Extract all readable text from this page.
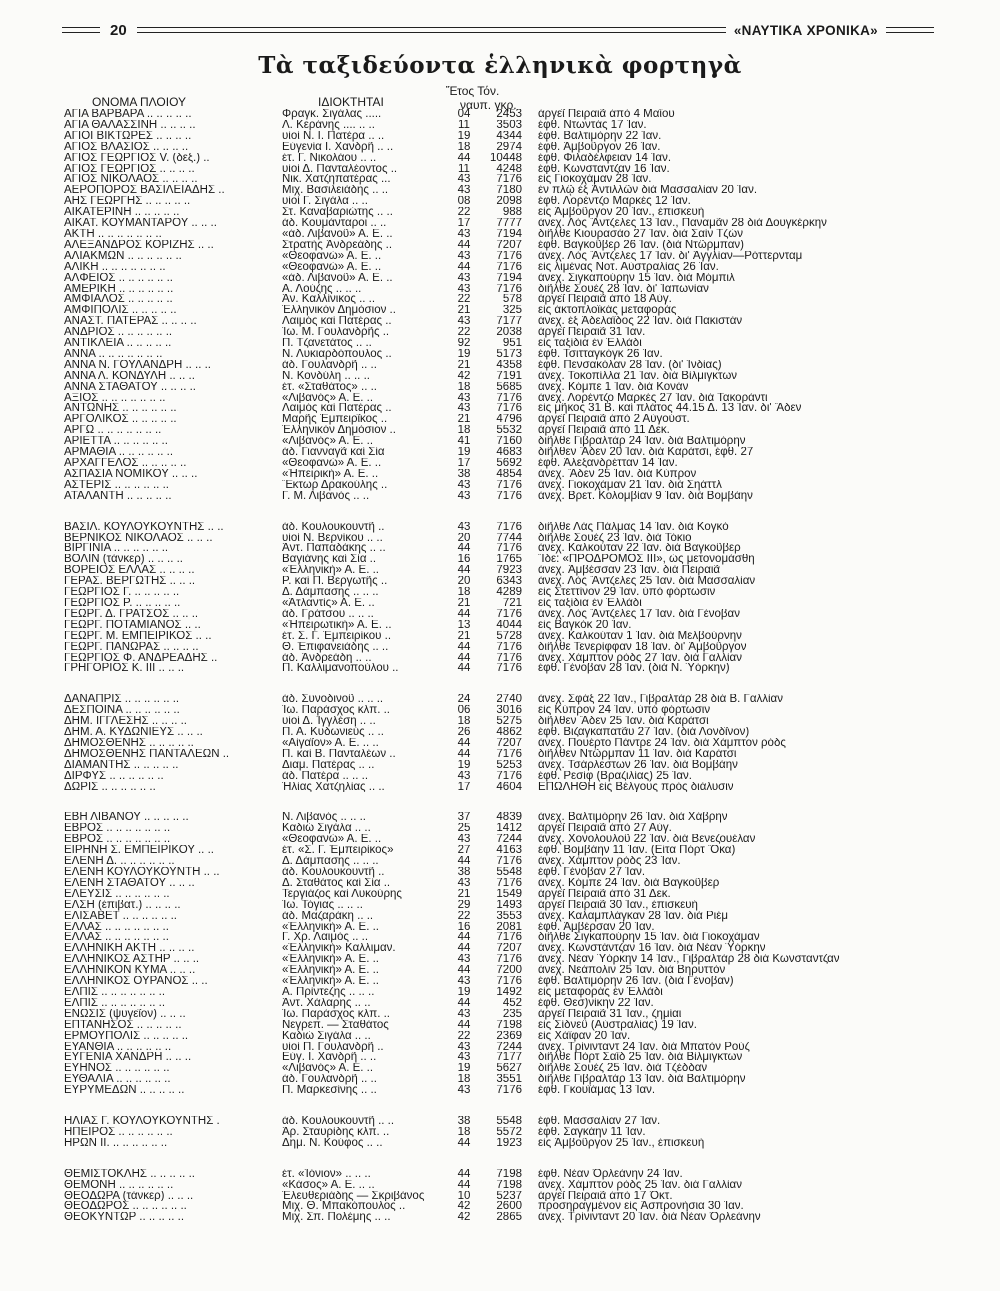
20	«ΝΑΥΤΙΚΑ ΧΡΟΝΙΚΑ»
Τὰ ταξιδεύοντα ἑλληνικὰ φορτηγὰ
ΟΝΟΜΑ ΠΛΟΙΟΥ	ΙΔΙΟΚΤΗΤΑΙ
Ἔτος Τόν.
ναυπ. γκρ.
ΑΓΙΑ ΒΑΡΒΑΡΑ .. .. .. .. ..	Φραγκ. Σιγάλας .....	04	2453	ἀργεῖ Πειραιᾶ ἀπὸ 4 Μαΐου
ΑΓΙΑ ΘΑΛΑΣΣΙΝΗ .. .. .. ..	Λ. Κεράνης .... .. ..	11	3503	ἐφθ. Ντωντὰς 17 Ἰαν.
ΑΓΙΟΙ ΒΙΚΤΩΡΕΣ .. .. .. ..	υἱοὶ Ν. Ι. Πατέρα .. ..	19	4344	ἐφθ. Βαλτιμόρην 22 Ἰαν.
ΑΓΙΟΣ ΒΛΑΣΙΟΣ .. .. .. ..	Εὐγενία Ι. Χανδρῆ .. ..	18	2974	ἐφθ. Ἀμβοῦργον 26 Ἰαν.
ΑΓΙΟΣ ΓΕΩΡΓΙΟΣ V. (δεξ.) ..	ἐτ. Γ. Νικολάου .. ..	44	10448	ἐφθ. Φιλαδέλφειαν 14 Ἰαν.
ΑΓΙΟΣ ΓΕΩΡΓΙΟΣ .. .. .. ..	υἱοὶ Δ. Πανταλέοντος ..	11	4248	ἐφθ. Κωνσταντζαν 16 Ἰαν.
ΑΓΙΟΣ ΝΙΚΟΛΑΟΣ .. .. .. ..	Νικ. Χατζηπατέρας ...	43	7176	εἰς Γιοκοχάμαν 28 Ἰαν.
ΑΕΡΟΠΟΡΟΣ ΒΑΣΙΛΕΙΑΔΗΣ ..	Μιχ. Βασιλειάδης .. ..	43	7180	ἐν πλῷ ἐξ Ἀντιλλῶν διὰ Μασσαλίαν 20 Ἰαν.
ΑΗΣ ΓΕΩΡΓΗΣ .. .. .. .. ..	υἱοὶ Γ. Σιγάλα .. ..	08	2098	ἐφθ. Λορέντζο Μαρκὲς 12 Ἰαν.
ΑΙΚΑΤΕΡΙΝΗ .. .. .. .. ..	Στ. Καναβαριώτης .. ..	22	988	εἰς Ἀμβοῦργον 20 Ἰαν., ἐπισκευὴ
ΑΙΚΑΤ. ΚΟΥΜΑΝΤΑΡΟΥ .. .. ..	ἀδ. Κουμάνταροι .. ..	17	7777	ἀνεχ. Λὸς Ἄντζελες 13 Ἰαν., Παναμᾶν 28 διὰ Δουγκέρκην
ΑΚΤΗ .. .. .. .. .. .. ..	«ἀδ. Λιβανοῦ» Α. Ε. ..	43	7194	διῆλθε Κιουρασάο 27 Ἰαν. διὰ Σαὶν Τζὼν
ΑΛΕΞΑΝΔΡΟΣ ΚΟΡΙΖΗΣ .. ..	Στρατὴς Ἀνδρεάδης ..	44	7207	ἐφθ. Βαγκοῦβερ 26 Ἰαν. (διὰ Ντῶρμπαν)
ΑΛΙΑΚΜΩΝ .. .. .. .. .. ..	«Θεοφανώ» Α. Ε. ..	43	7176	ἀνεχ. Λὸς Ἄντζελες 17 Ἰαν. δι' Ἀγγλίαν—Ρόττερνταμ
ΑΛΙΚΗ .. .. .. .. .. .. ..	«Θεοφανώ» Α. Ε. ..	44	7176	εἰς λιμένας Νοτ. Αὐστραλίας 26 Ἰαν.
ΑΛΦΕΙΟΣ .. .. .. .. .. ..	«ἀδ. Λιβανοῦ» Α. Ε. ..	43	7194	ἀνεχ. Σιγκαπούρην 15 Ἰαν. διὰ Μόμπιλ
ΑΜΕΡΙΚΗ .. .. .. .. .. ..	Α. Λούζης .. .. ..	43	7176	διῆλθε Σουέζ 28 Ἰαν. δι' Ἰαπωνίαν
ΑΜΦΙΑΛΟΣ .. .. .. .. ..	Ἀν. Καλλίνικος .. ..	22	578	ἀργεῖ Πειραιᾶ ἀπὸ 18 Αὐγ.
ΑΜΦΙΠΟΛΙΣ .. .. .. .. ..	Ἑλληνικὸν Δημόσιον ..	21	325	εἰς ἀκτοπλοϊκὰς μεταφορὰς
ΑΝΑΣΤ. ΠΑΤΕΡΑΣ .. .. .. ..	Λαιμὸς καὶ Πατέρας ..	43	7177	ἀνεχ. ἐξ Ἀδελαΐδος 22 Ἰαν. διὰ Πακιστὰν
ΑΝΔΡΙΟΣ .. .. .. .. .. ..	Ἰω. Μ. Γουλανδρῆς ..	22	2038	ἀργεῖ Πειραιᾶ 31 Ἰαν.
ΑΝΤΙΚΛΕΙΑ .. .. .. .. ..	Π. Τζανετάτος .. ..	92	951	εἰς ταξίδια ἐν Ἑλλάδι
ΑΝΝΑ .. .. .. .. .. .. ..	Ν. Λυκιαρδόπουλος ..	19	5173	ἐφθ. Τσιτταγκὸγκ 26 Ἰαν.
ΑΝΝΑ Ν. ΓΟΥΛΑΝΔΡΗ .. .. ..	ἀδ. Γουλανδρῆ .. ..	21	4358	ἐφθ. Πενσακόλαν 28 Ἰαν. (δι' Ἰνδίας)
ΑΝΝΑ Λ. ΚΟΝΔΥΛΗ .. .. ..	Ν. Κονδύλη .. .. ..	42	7191	ἀνεχ. Τοκοπίλλα 21 Ἰαν. διὰ Βίλμιγκτων
ΑΝΝΑ ΣΤΑΘΑΤΟΥ .. .. .. ..	ἐτ. «Σταθάτος» .. ..	18	5685	ἀνεχ. Κόμπε 1 Ἰαν. διὰ Κονάν
ΑΞΙΟΣ .. .. .. .. .. .. ..	«Λιβανός» Α. Ε. ..	43	7176	ἀνεχ. Λορέντζο Μαρκὲς 27 Ἰαν. διὰ Τακοράντι
ΑΝΤΩΝΗΣ .. .. .. .. .. ..	Λαιμὸς καὶ Πατέρας ..	43	7176	εἰς μῆκος 31 Β. καὶ πλάτος 44.15 Δ. 13 Ἰαν. δι' Ἄδεν
ΑΡΓΟΛΙΚΟΣ .. .. .. .. ..	Μαρῆς Ἐμπειρῖκος ..	21	4796	ἀργεῖ Πειραιᾶ ἀπὸ 2 Αὐγούστ.
ΑΡΓΩ .. .. .. .. .. .. ..	Ἑλληνικὸν Δημόσιον ..	18	5532	ἀργεῖ Πειραιᾶ ἀπὸ 11 Δεκ.
ΑΡΙΕΤΤΑ .. .. .. .. .. ..	«Λιβανός» Α. Ε. ..	41	7160	διῆλθε Γιβραλτὰρ 24 Ἰαν. διὰ Βαλτιμόρην
ΑΡΜΑΘΙΑ .. .. .. .. .. ..	ἀδ. Γιανναγᾶ καὶ Σία	19	4683	διῆλθεν Ἄδεν 20 Ἰαν. διὰ Καράτσι, ἐφθ. 27
ΑΡΧΑΓΓΕΛΟΣ .. .. .. .. ..	«Θεοφανώ» Α. Ε. ..	17	5692	ἐφθ. Ἀλεξανδρέτταν 14 Ἰαν.
ΑΣΠΑΣΙΑ ΝΟΜΙΚΟΥ .. .. ..	«Ἠπειρική» Α. Ε. ..	38	4854	ἀνεχ. Ἄδεν 25 Ἰαν. διὰ Κύπρον
ΑΣΤΕΡΙΣ .. .. .. .. .. ..	Ἕκτωρ Δρακούλης ..	43	7176	ἀνεχ. Γιοκοχάμαν 21 Ἰαν. διὰ Σηάττλ
ΑΤΑΛΑΝΤΗ .. .. .. .. ..	Γ. Μ. Λιβανός .. ..	43	7176	ἀνεχ. Βρετ. Κολομβίαν 9 Ἰαν. διὰ Βομβάην

ΒΑΣΙΛ. ΚΟΥΛΟΥΚΟΥΝΤΗΣ .. ..	ἀδ. Κουλουκουντῆ ..	43	7176	διῆλθε Λὰς Πάλμας 14 Ἰαν. διὰ Κογκὸ
ΒΕΡΝΙΚΟΣ ΝΙΚΟΛΑΟΣ .. .. ..	υἱοὶ Ν. Βερνίκου .. ..	20	7744	διῆλθε Σουέζ 23 Ἰαν. διὰ Τόκιο
ΒΙΡΓΙΝΙΑ .. .. .. .. .. ..	Ἀντ. Παπαδάκης .. ..	44	7176	ἀνεχ. Καλκούταν 22 Ἰαν. διὰ Βαγκοῦβερ
ΒΟΛΙΝ (τάνκερ) .. .. .. ..	Βαγιάνης καὶ Σία ..	16	1765	Ἴδε: «ΠΡΟΔΡΟΜΟΣ ΙΙΙ», ὡς μετονομάσθη
ΒΟΡΕΙΟΣ ΕΛΛΑΣ .. .. .. ..	«Ἑλληνική» Α. Ε. ..	44	7923	ἀνεχ. Ἀμβέσσαν 23 Ἰαν. διὰ Πειραιᾶ
ΓΕΡΑΣ. ΒΕΡΓΩΤΗΣ .. .. ..	Ρ. καὶ Π. Βεργωτῆς ..	20	6343	ἀνεχ. Λὸς Ἄντζελες 25 Ἰαν. διὰ Μασσαλίαν
ΓΕΩΡΓΙΟΣ Γ. .. .. .. .. ..	Δ. Δάμπασης .. .. ..	18	4289	εἰς Στεττίνον 29 Ἰαν. ὑπὸ φόρτωσιν
ΓΕΩΡΓΙΟΣ Ρ. .. .. .. .. ..	«Ἀτλαντίς» Α. Ε. ..	21	721	εἰς ταξίδια ἐν Ἑλλάδι
ΓΕΩΡΓ. Δ. ΓΡΑΤΣΟΣ .. .. ..	ἀδ. Γράτσου .. .. ..	44	7176	ἀνεχ. Λὸς Ἄντζελες 17 Ἰαν. διὰ Γένοβαν
ΓΕΩΡΓ. ΠΟΤΑΜΙΑΝΟΣ .. ..	«Ἠπειρωτική» Α. Ε. ..	13	4044	εἰς Βαγκὸκ 20 Ἰαν.
ΓΕΩΡΓ. Μ. ΕΜΠΕΙΡΙΚΟΣ .. ..	ἐτ. Σ. Γ. Ἐμπειρίκου ..	21	5728	ἀνεχ. Καλκούταν 1 Ἰαν. διὰ Μελβούρνην
ΓΕΩΡΓ. ΠΑΝΩΡΑΣ .. .. .. ..	Θ. Ἐπιφανειάδης .. ..	44	7176	διῆλθε Τενερίφφαν 18 Ἰαν. δι' Ἀμβοῦργον
ΓΕΩΡΓΙΟΣ Φ. ΑΝΔΡΕΑΔΗΣ ..	ἀδ. Ἀνδρεάδη .. ..	44	7176	ἀνεχ. Χάμπτον ρόδς 27 Ἰαν. διὰ Γαλλίαν
ΓΡΗΓΟΡΙΟΣ Κ. ΙΙΙ .. .. ..	Π. Καλλιμανοπούλου ..	44	7176	ἐφθ. Γένοβαν 28 Ἰαν. (διὰ Ν. Ὑόρκην)

ΔΑΝΑΠΡΙΣ .. .. .. .. .. ..	ἀδ. Συνοδινοῦ .. .. ..	24	2740	ἀνεχ. Σφάξ 22 Ἰαν., Γιβραλτὰρ 28 διὰ Β. Γαλλίαν
ΔΕΣΠΟΙΝΑ .. .. .. .. .. ..	Ἰω. Παράσχος κλπ. ..	06	3016	εἰς Κύπρον 24 Ἰαν. ὑπὸ φόρτωσιν
ΔΗΜ. ΙΓΓΛΕΣΗΣ .. .. .. ..	υἱοὶ Δ. Ἰγγλέση .. ..	18	5275	διῆλθεν Ἄδεν 25 Ἰαν. διὰ Καράτσι
ΔΗΜ. Α. ΚΥΔΩΝΙΕΥΣ .. .. ..	Π. Α. Κυδωνιεὺς .. ..	26	4862	ἐφθ. Βιζαγκαπατᾶυ 27 Ἰαν. (διὰ Λονδῖνον)
ΔΗΜΟΣΘΕΝΗΣ .. .. .. .. ..	«Αἰγαῖον» Α. Ε. .. ..	44	7207	ἀνεχ. Πουέρτο Πάντρε 24 Ἰαν. διὰ Χάμπτον ρόδς
ΔΗΜΟΣΘΕΝΗΣ ΠΑΝΤΑΛΕΩΝ ..	Π. καὶ Β. Πανταλέων ..	44	7176	διῆλθεν Ντῶρμπαν 11 Ἰαν. διὰ Καράτσι
ΔΙΑΜΑΝΤΗΣ .. .. .. .. ..	Διαμ. Πατέρας .. ..	19	5253	ἀνεχ. Τσάρλεστων 26 Ἰαν. διὰ Βομβάην
ΔΙΡΦΥΣ .. .. .. .. .. ..	ἀδ. Πατέρα .. .. ..	43	7176	ἐφθ. Ρεσίφ (Βραζιλίας) 25 Ἰαν.
ΔΩΡΙΣ .. .. .. .. .. ..	Ἡλίας Χατζηλίας .. ..	17	4604	ΕΠΩΛΗΘΗ εἰς Βέλγους πρὸς διάλυσιν

ΕΒΗ ΛΙΒΑΝΟΥ .. .. .. .. ..	Ν. Λιβανός .. .. ..	37	4839	ἀνεχ. Βαλτιμόρην 26 Ἰαν. διὰ Χάβρην
ΕΒΡΟΣ .. .. .. .. .. .. ..	Καδιὼ Σιγάλα .. ..	25	1412	ἀργεῖ Πειραιᾶ ἀπὸ 27 Αὐγ.
ΕΒΡΟΣ .. .. .. .. .. .. ..	«Θεοφανώ» Α. Ε. ..	43	7244	ἀνεχ. Χονολουλοῦ 22 Ἰαν. διὰ Βενεζουέλαν
ΕΙΡΗΝΗ Σ. ΕΜΠΕΙΡΙΚΟΥ .. ..	ἐτ. «Σ. Γ. Ἐμπειρίκος»	27	4163	ἐφθ. Βομβάην 11 Ἰαν. (Εἶτα Πὸρτ Ὄκα)
ΕΛΕΝΗ Δ. .. .. .. .. .. ..	Δ. Δάμπασης .. .. ..	44	7176	ἀνεχ. Χάμπτον ρόδς 23 Ἰαν.
ΕΛΕΝΗ ΚΟΥΛΟΥΚΟΥΝΤΗ .. ..	ἀδ. Κουλουκουντῆ ..	38	5548	ἐφθ. Γένοβαν 27 Ἰαν.
ΕΛΕΝΗ ΣΤΑΘΑΤΟΥ .. .. ..	Δ. Σταθάτος καὶ Σία ..	43	7176	ἀνεχ. Κόμπε 24 Ἰαν. διὰ Βαγκοῦβερ
ΕΛΕΥΣΙΣ .. .. .. .. .. ..	Τεργιάζος καὶ Λυκούρης	21	1549	ἀργεῖ Πειραιᾶ ἀπὸ 31 Δεκ.
ΕΛΣΗ (ἐπιβατ.) .. .. .. ..	Ἰω. Τόγιας .. .. ..	29	1493	ἀργεῖ Πειραιᾶ 30 Ἰαν., ἐπισκευὴ
ΕΛΙΣΑΒΕΤ .. .. .. .. .. ..	ἀδ. Μαζαράκη .. ..	22	3553	ἀνεχ. Καλαμπλάγκαν 28 Ἰαν. διὰ Ριέμ
ΕΛΛΑΣ .. .. .. .. .. .. ..	«Ἑλληνική» Α. Ε. ..	16	2081	ἐφθ. Ἀμβέρσαν 20 Ἰαν.
ΕΛΛΑΣ .. .. .. .. .. .. ..	Γ. Χρ. Λαιμός .. ..	44	7176	διῆλθε Σιγκαπούρην 15 Ἰαν. διὰ Γιοκοχάμαν
ΕΛΛΗΝΙΚΗ ΑΚΤΗ .. .. .. ..	«Ἑλληνική» Καλλιμαν.	44	7207	ἀνεχ. Κωνστάντζαν 16 Ἰαν. διὰ Νέαν Ὑόρκην
ΕΛΛΗΝΙΚΟΣ ΑΣΤΗΡ .. .. ..	«Ἑλληνική» Α. Ε. ..	43	7176	ἀνεχ. Νέαν Ὑόρκην 14 Ἰαν., Γιβραλτὰρ 28 διὰ Κωνσταντζαν
ΕΛΛΗΝΙΚΟΝ ΚΥΜΑ .. .. ..	«Ἑλληνική» Α. Ε. ..	44	7200	ἀνεχ. Νεάπολιν 25 Ἰαν. διὰ Βηρυττὸν
ΕΛΛΗΝΙΚΟΣ ΟΥΡΑΝΟΣ .. ..	«Ἑλληνική» Α. Ε. ..	43	7176	ἐφθ. Βαλτιμόρην 26 Ἰαν. (διὰ Γένοβαν)
ΕΛΠΙΣ .. .. .. .. .. .. ..	Α. Πρίντεζης .. .. ..	19	1492	εἰς μεταφορὰς ἐν Ἑλλάδι
ΕΛΠΙΣ .. .. .. .. .. .. ..	Ἀντ. Χάλαρης .. ..	44	452	ἐφθ. Θεσ)νίκην 22 Ἰαν.
ΕΝΩΣΙΣ (ψυγεῖον) .. .. ..	Ἰω. Παράσχος κλπ. ..	43	235	ἀργεῖ Πειραιᾶ 31 Ἰαν., ζημίαι
ΕΠΤΑΝΗΣΟΣ .. .. .. .. ..	Νεγρεπ. — Σταθάτος	44	7198	εἰς Σίδνεϋ (Αὐστραλίας) 19 Ἰαν.
ΕΡΜΟΥΠΟΛΙΣ .. .. .. .. ..	Καδιὼ Σιγάλα .. ..	22	2369	εἰς Χάϊφαν 20 Ἰαν.
ΕΥΑΝΘΙΑ .. .. .. .. .. ..	υἱοὶ Π. Γουλανδρῆ ..	43	7244	ἀνεχ. Τρίνινταντ 24 Ἰαν. διὰ Μπατὸν Ρούζ
ΕΥΓΕΝΙΑ ΧΑΝΔΡΗ .. .. ..	Εὐγ. Ι. Χανδρῆ .. ..	43	7177	διῆλθε Πὸρτ Σαΐδ 25 Ἰαν. διὰ Βίλμιγκτων
ΕΥΗΝΟΣ .. .. .. .. .. ..	«Λιβανός» Α. Ε. ..	19	5627	διῆλθε Σουέζ 25 Ἰαν. διὰ Τζέδδαν
ΕΥΘΑΛΙΑ .. .. .. .. .. ..	ἀδ. Γουλανδρῆ .. ..	18	3551	διῆλθε Γιβραλτὰρ 13 Ἰαν. διὰ Βαλτιμόρην
ΕΥΡΥΜΕΔΩΝ .. .. .. .. ..	Π. Μαρκεσίνης .. ..	43	7176	ἐφθ. Γκουϊάμας 13 Ἰαν.

ΗΛΙΑΣ Γ. ΚΟΥΛΟΥΚΟΥΝΤΗΣ .	ἀδ. Κουλουκουντῆ .. ..	38	5548	ἐφθ. Μασσαλίαν 27 Ἰαν.
ΗΠΕΙΡΟΣ .. .. .. .. .. ..	Ἀρ. Σταυρίδης κλπ. ..	18	5572	ἐφθ. Σαγκάην 11 Ἰαν.
ΗΡΩΝ ΙΙ. .. .. .. .. .. ..	Δημ. Ν. Κούφος .. ..	44	1923	εἰς Ἀμβοῦργον 25 Ἰαν., ἐπισκευὴ

ΘΕΜΙΣΤΟΚΛΗΣ .. .. .. .. ..	ἐτ. «Ἰόνιον» .. .. ..	44	7198	ἐφθ. Νέαν Ὀρλεάνην 24 Ἰαν.
ΘΕΜΟΝΗ .. .. .. .. .. ..	«Κάσος» Α. Ε. .. ..	44	7198	ἀνεχ. Χάμπτον ρόδς 25 Ἰαν. διὰ Γαλλίαν
ΘΕΟΔΩΡΑ (τάνκερ) .. .. ..	Ἐλευθεριάδης — Σκριβάνος	10	5237	ἀργεῖ Πειραιᾶ ἀπὸ 17 Ὀκτ.
ΘΕΟΔΩΡΟΣ .. .. .. .. .. ..	Μιχ. Θ. Μπακόπουλος ..	42	2600	προσηραγμένον εἰς Ἀσπρονήσια 30 Ἰαν.
ΘΕΟΚΥΝΤΩΡ .. .. .. .. ..	Μιχ. Σπ. Πολέμης .. ..	42	2865	ἀνεχ. Τρίνινταντ 20 Ἰαν. διὰ Νέαν Ὀρλεάνην
